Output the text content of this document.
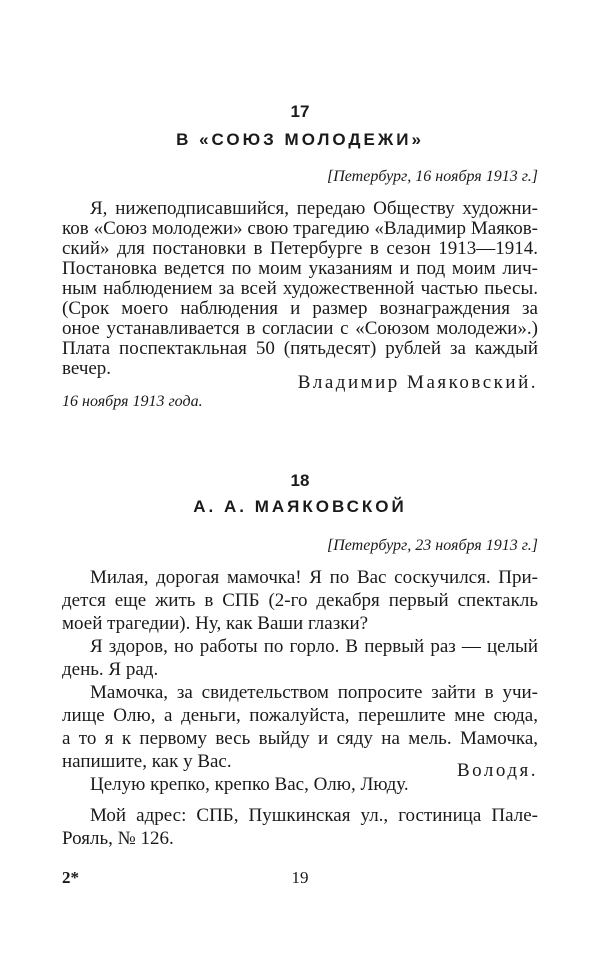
17
В «СОЮЗ МОЛОДЕЖИ»
[Петербург, 16 ноября 1913 г.]
Я, нижеподписавшийся, передаю Обществу художни-
ков «Союз молодежи» свою трагедию «Владимир Маяков-
ский» для постановки в Петербурге в сезон 1913—1914.
Постановка ведется по моим указаниям и под моим лич-
ным наблюдением за всей художественной частью пьесы.
(Срок моего наблюдения и размер вознаграждения за
оное устанавливается в согласии с «Союзом молодежи».)
Плата поспектакльная 50 (пятьдесят) рублей за каждый
вечер.
Владимир Маяковский.
16 ноября 1913 года.
18
А. А. МАЯКОВСКОЙ
[Петербург, 23 ноября 1913 г.]
Милая, дорогая мамочка! Я по Вас соскучился. При-
дется еще жить в СПБ (2-го декабря первый спектакль
моей трагедии). Ну, как Ваши глазки?
Я здоров, но работы по горло. В первый раз — целый
день. Я рад.
Мамочка, за свидетельством попросите зайти в учи-
лище Олю, а деньги, пожалуйста, перешлите мне сюда,
а то я к первому весь выйду и сяду на мель. Мамочка,
напишите, как у Вас.
Целую крепко, крепко Вас, Олю, Люду.
Володя.
Мой адрес: СПБ, Пушкинская ул., гостиница Пале-
Рояль, № 126.
2*	19
